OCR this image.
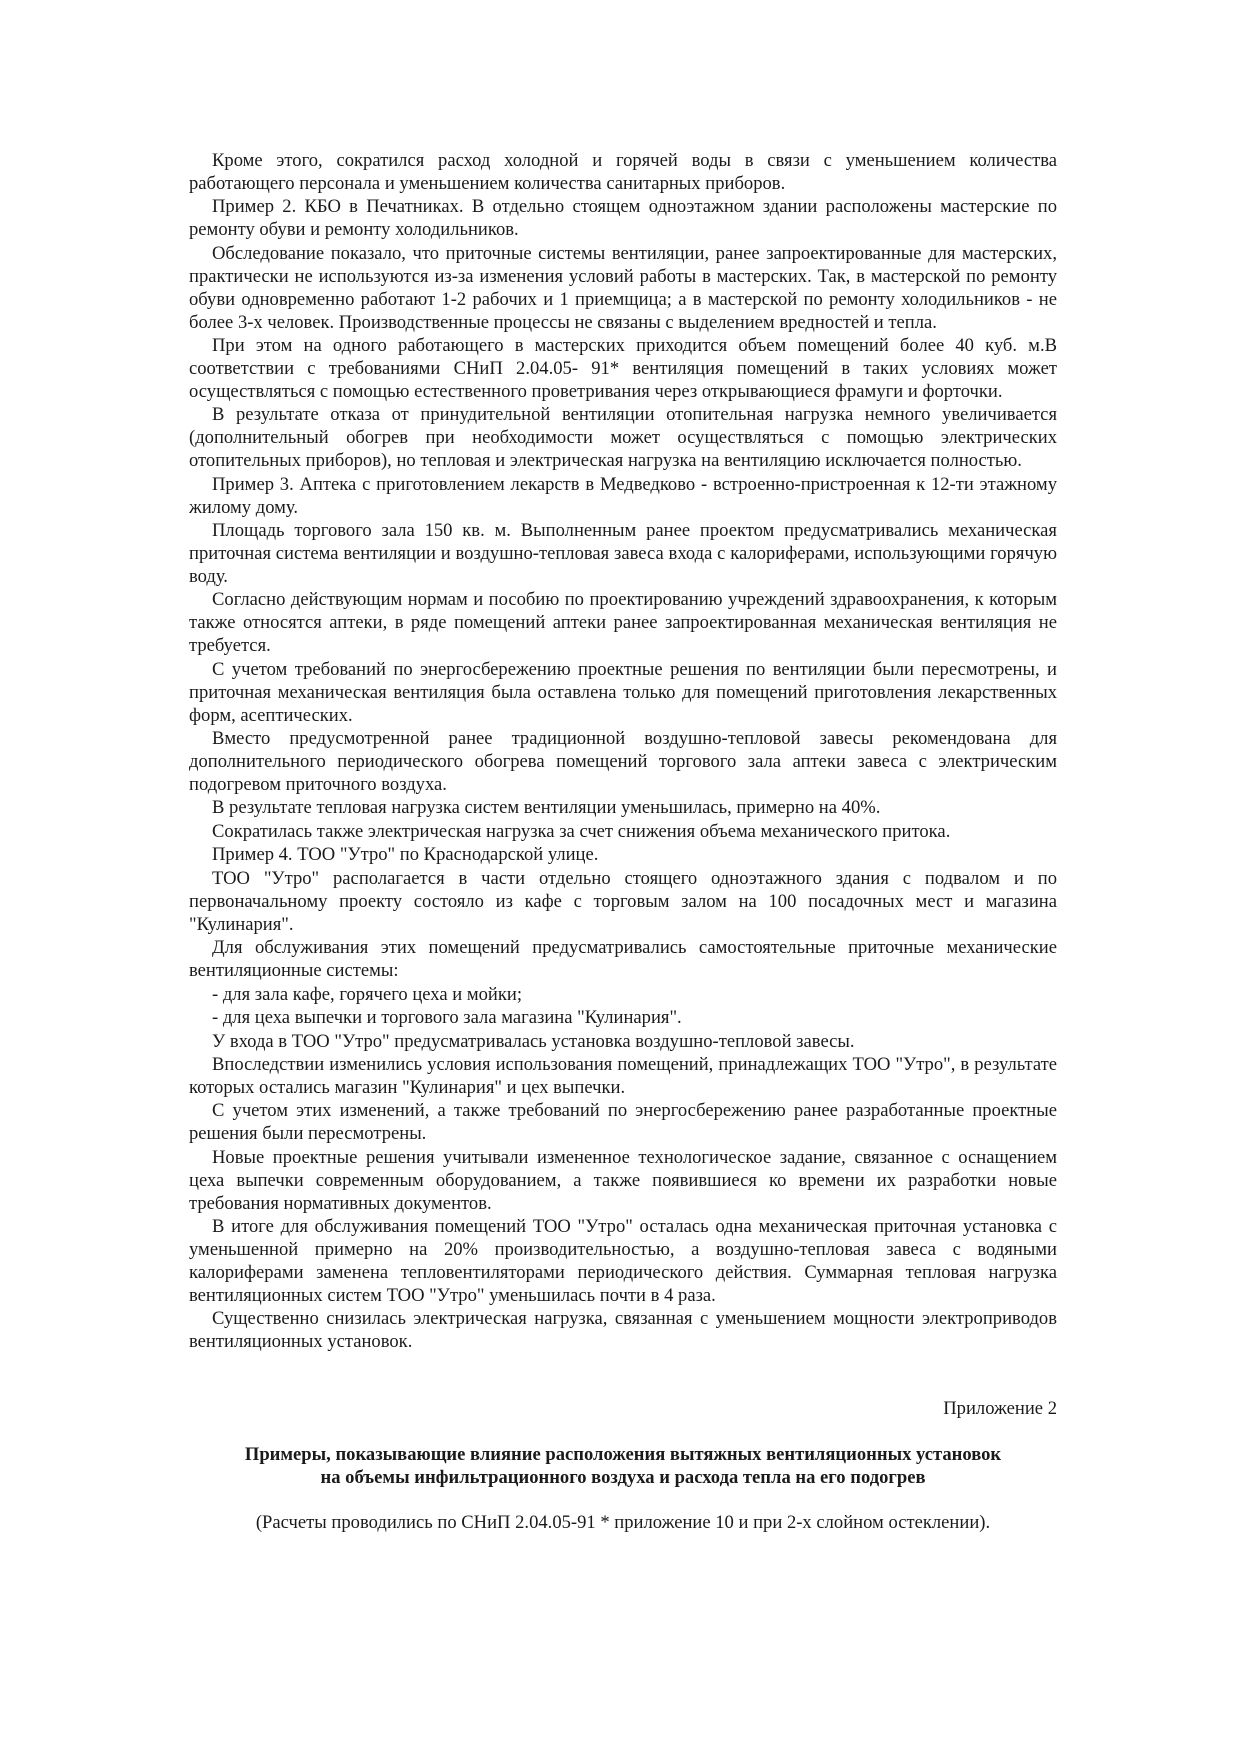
Кроме этого, сократился расход холодной и горячей воды в связи с уменьшением количества работающего персонала и уменьшением количества санитарных приборов.

Пример 2. КБО в Печатниках. В отдельно стоящем одноэтажном здании расположены мастерские по ремонту обуви и ремонту холодильников.

Обследование показало, что приточные системы вентиляции, ранее запроектированные для мастерских, практически не используются из-за изменения условий работы в мастерских. Так, в мастерской по ремонту обуви одновременно работают 1-2 рабочих и 1 приемщица; а в мастерской по ремонту холодильников - не более 3-х человек. Производственные процессы не связаны с выделением вредностей и тепла.

При этом на одного работающего в мастерских приходится объем помещений более 40 куб. м.В соответствии с требованиями СНиП 2.04.05- 91* вентиляция помещений в таких условиях может осуществляться с помощью естественного проветривания через открывающиеся фрамуги и форточки.

В результате отказа от принудительной вентиляции отопительная нагрузка немного увеличивается (дополнительный обогрев при необходимости может осуществляться с помощью электрических отопительных приборов), но тепловая и электрическая нагрузка на вентиляцию исключается полностью.

Пример 3. Аптека с приготовлением лекарств в Медведково - встроенно-пристроенная к 12-ти этажному жилому дому.

Площадь торгового зала 150 кв. м. Выполненным ранее проектом предусматривались механическая приточная система вентиляции и воздушно-тепловая завеса входа с калориферами, использующими горячую воду.

Согласно действующим нормам и пособию по проектированию учреждений здравоохранения, к которым также относятся аптеки, в ряде помещений аптеки ранее запроектированная механическая вентиляция не требуется.

С учетом требований по энергосбережению проектные решения по вентиляции были пересмотрены, и приточная механическая вентиляция была оставлена только для помещений приготовления лекарственных форм, асептических.

Вместо предусмотренной ранее традиционной воздушно-тепловой завесы рекомендована для дополнительного периодического обогрева помещений торгового зала аптеки завеса с электрическим подогревом приточного воздуха.

В результате тепловая нагрузка систем вентиляции уменьшилась, примерно на 40%.

Сократилась также электрическая нагрузка за счет снижения объема механического притока.

Пример 4. ТОО "Утро" по Краснодарской улице.

ТОО "Утро" располагается в части отдельно стоящего одноэтажного здания с подвалом и по первоначальному проекту состояло из кафе с торговым залом на 100 посадочных мест и магазина "Кулинария".

Для обслуживания этих помещений предусматривались самостоятельные приточные механические вентиляционные системы:

- для зала кафе, горячего цеха и мойки;

- для цеха выпечки и торгового зала магазина "Кулинария".

У входа в ТОО "Утро" предусматривалась установка воздушно-тепловой завесы.

Впоследствии изменились условия использования помещений, принадлежащих ТОО "Утро", в результате которых остались магазин "Кулинария" и цех выпечки.

С учетом этих изменений, а также требований по энергосбережению ранее разработанные проектные решения были пересмотрены.

Новые проектные решения учитывали измененное технологическое задание, связанное с оснащением цеха выпечки современным оборудованием, а также появившиеся ко времени их разработки новые требования нормативных документов.

В итоге для обслуживания помещений ТОО "Утро" осталась одна механическая приточная установка с уменьшенной примерно на 20% производительностью, а воздушно-тепловая завеса с водяными калориферами заменена тепловентиляторами периодического действия. Суммарная тепловая нагрузка вентиляционных систем ТОО "Утро" уменьшилась почти в 4 раза.

Существенно снизилась электрическая нагрузка, связанная с уменьшением мощности электроприводов вентиляционных установок.

Приложение 2

Примеры, показывающие влияние расположения вытяжных вентиляционных установок
на объемы инфильтрационного воздуха и расхода тепла на его подогрев

(Расчеты проводились по СНиП 2.04.05-91 * приложение 10 и при 2-х слойном остеклении).
